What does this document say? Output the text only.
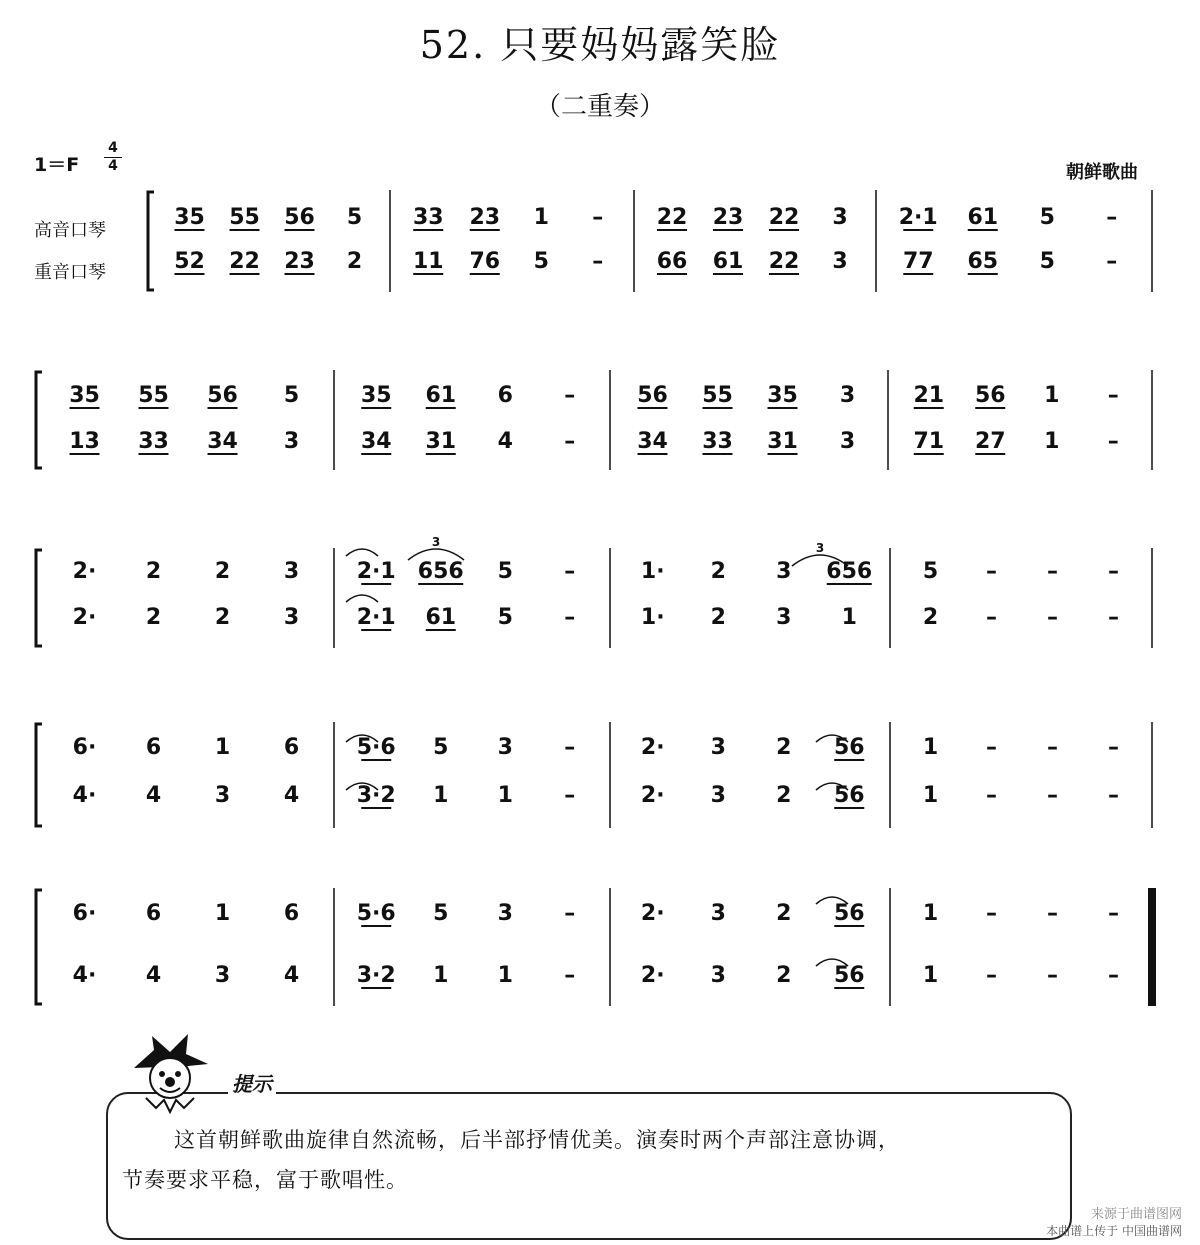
52. 只要妈妈露笑脸
（二重奏）
1＝F
4
4	朝鲜歌曲
高音口琴
重音口琴
35 55 56 5
52 22 23 2
33 23 1 –
11 76 5 –
22 23 22 3
66 61 22 3
2·1 61 5 –
77 65 5 –
35 55 56 5
13 33 34 3
35 61 6 –
34 31 4 –
56 55 35 3
34 33 31 3
21 56 1 –
71 27 1 –
2· 2 2 3
2· 2 2 3
2·1 656 5 –
2·1 61 5 –
1· 2 3 656
1· 2 3 1
5 – – –
2 – – –
6· 6 1 6
4· 4 3 4
5·6 5 3 –
3·2 1 1 –
2· 3 2 56
2· 3 2 56
1 – – –
1 – – –
6· 6 1 6
4· 4 3 4
5·6 5 3 –
3·2 1 1 –
2· 3 2 56
2· 3 2 56
1 – – –
1 – – –
3	3
提示
这首朝鲜歌曲旋律自然流畅，后半部抒情优美。演奏时两个声部注意协调，
节奏要求平稳，富于歌唱性。
来源于曲谱图网
本曲谱上传于 中国曲谱网
